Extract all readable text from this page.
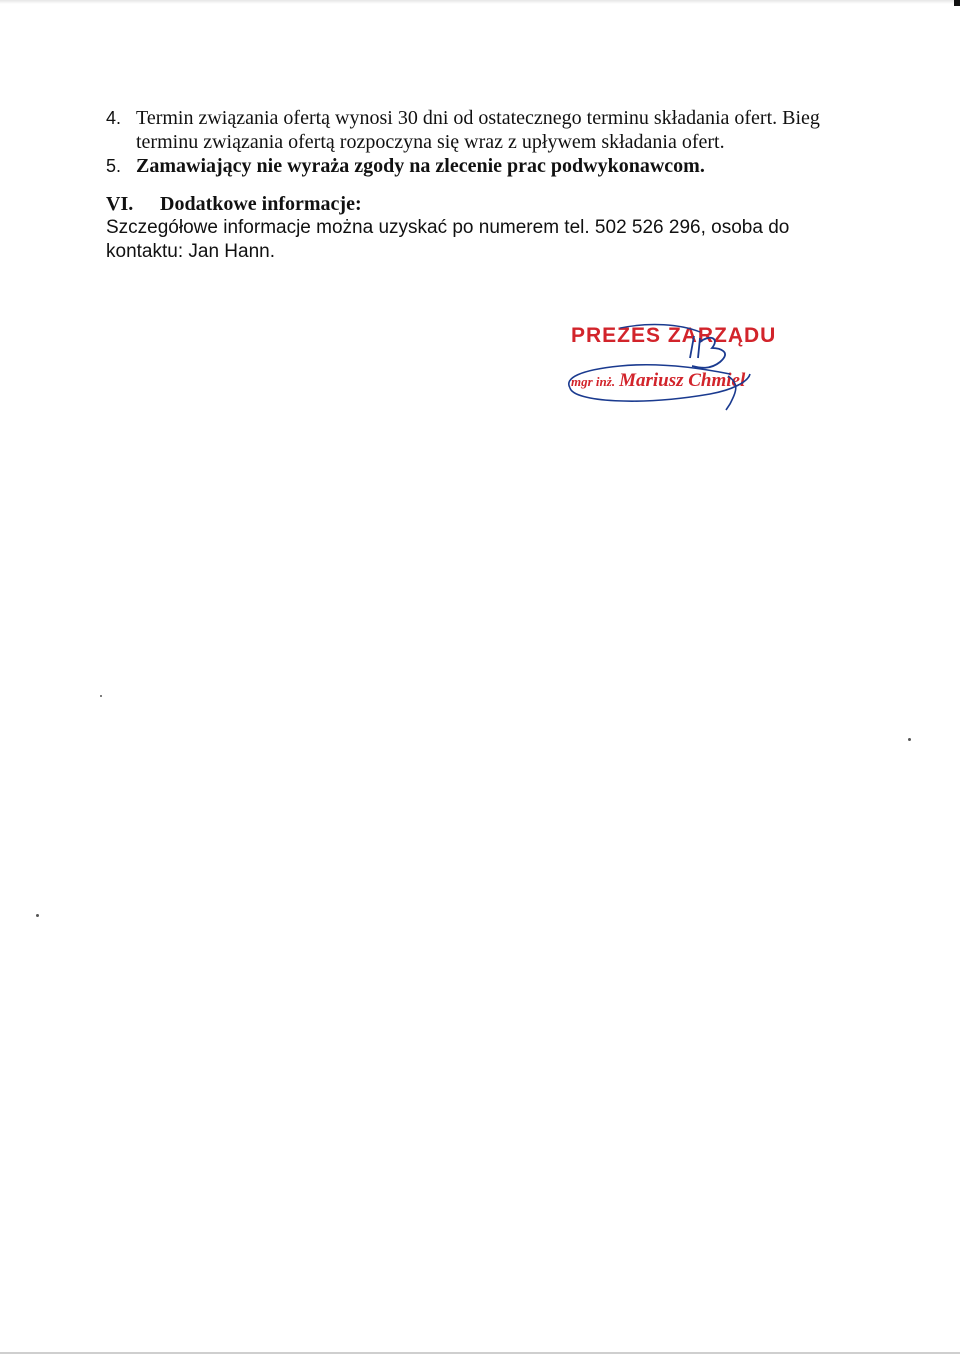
4. Termin związania ofertą wynosi 30 dni od ostatecznego terminu składania ofert. Bieg terminu związania ofertą rozpoczyna się wraz z upływem składania ofert.
5. Zamawiający nie wyraża zgody na zlecenie prac podwykonawcom.
VI.	Dodatkowe informacje:
Szczegółowe informacje można uzyskać po numerem tel. 502 526 296, osoba do kontaktu: Jan Hann.
PREZES ZARZĄDU
mgr inż. Mariusz Chmiel
